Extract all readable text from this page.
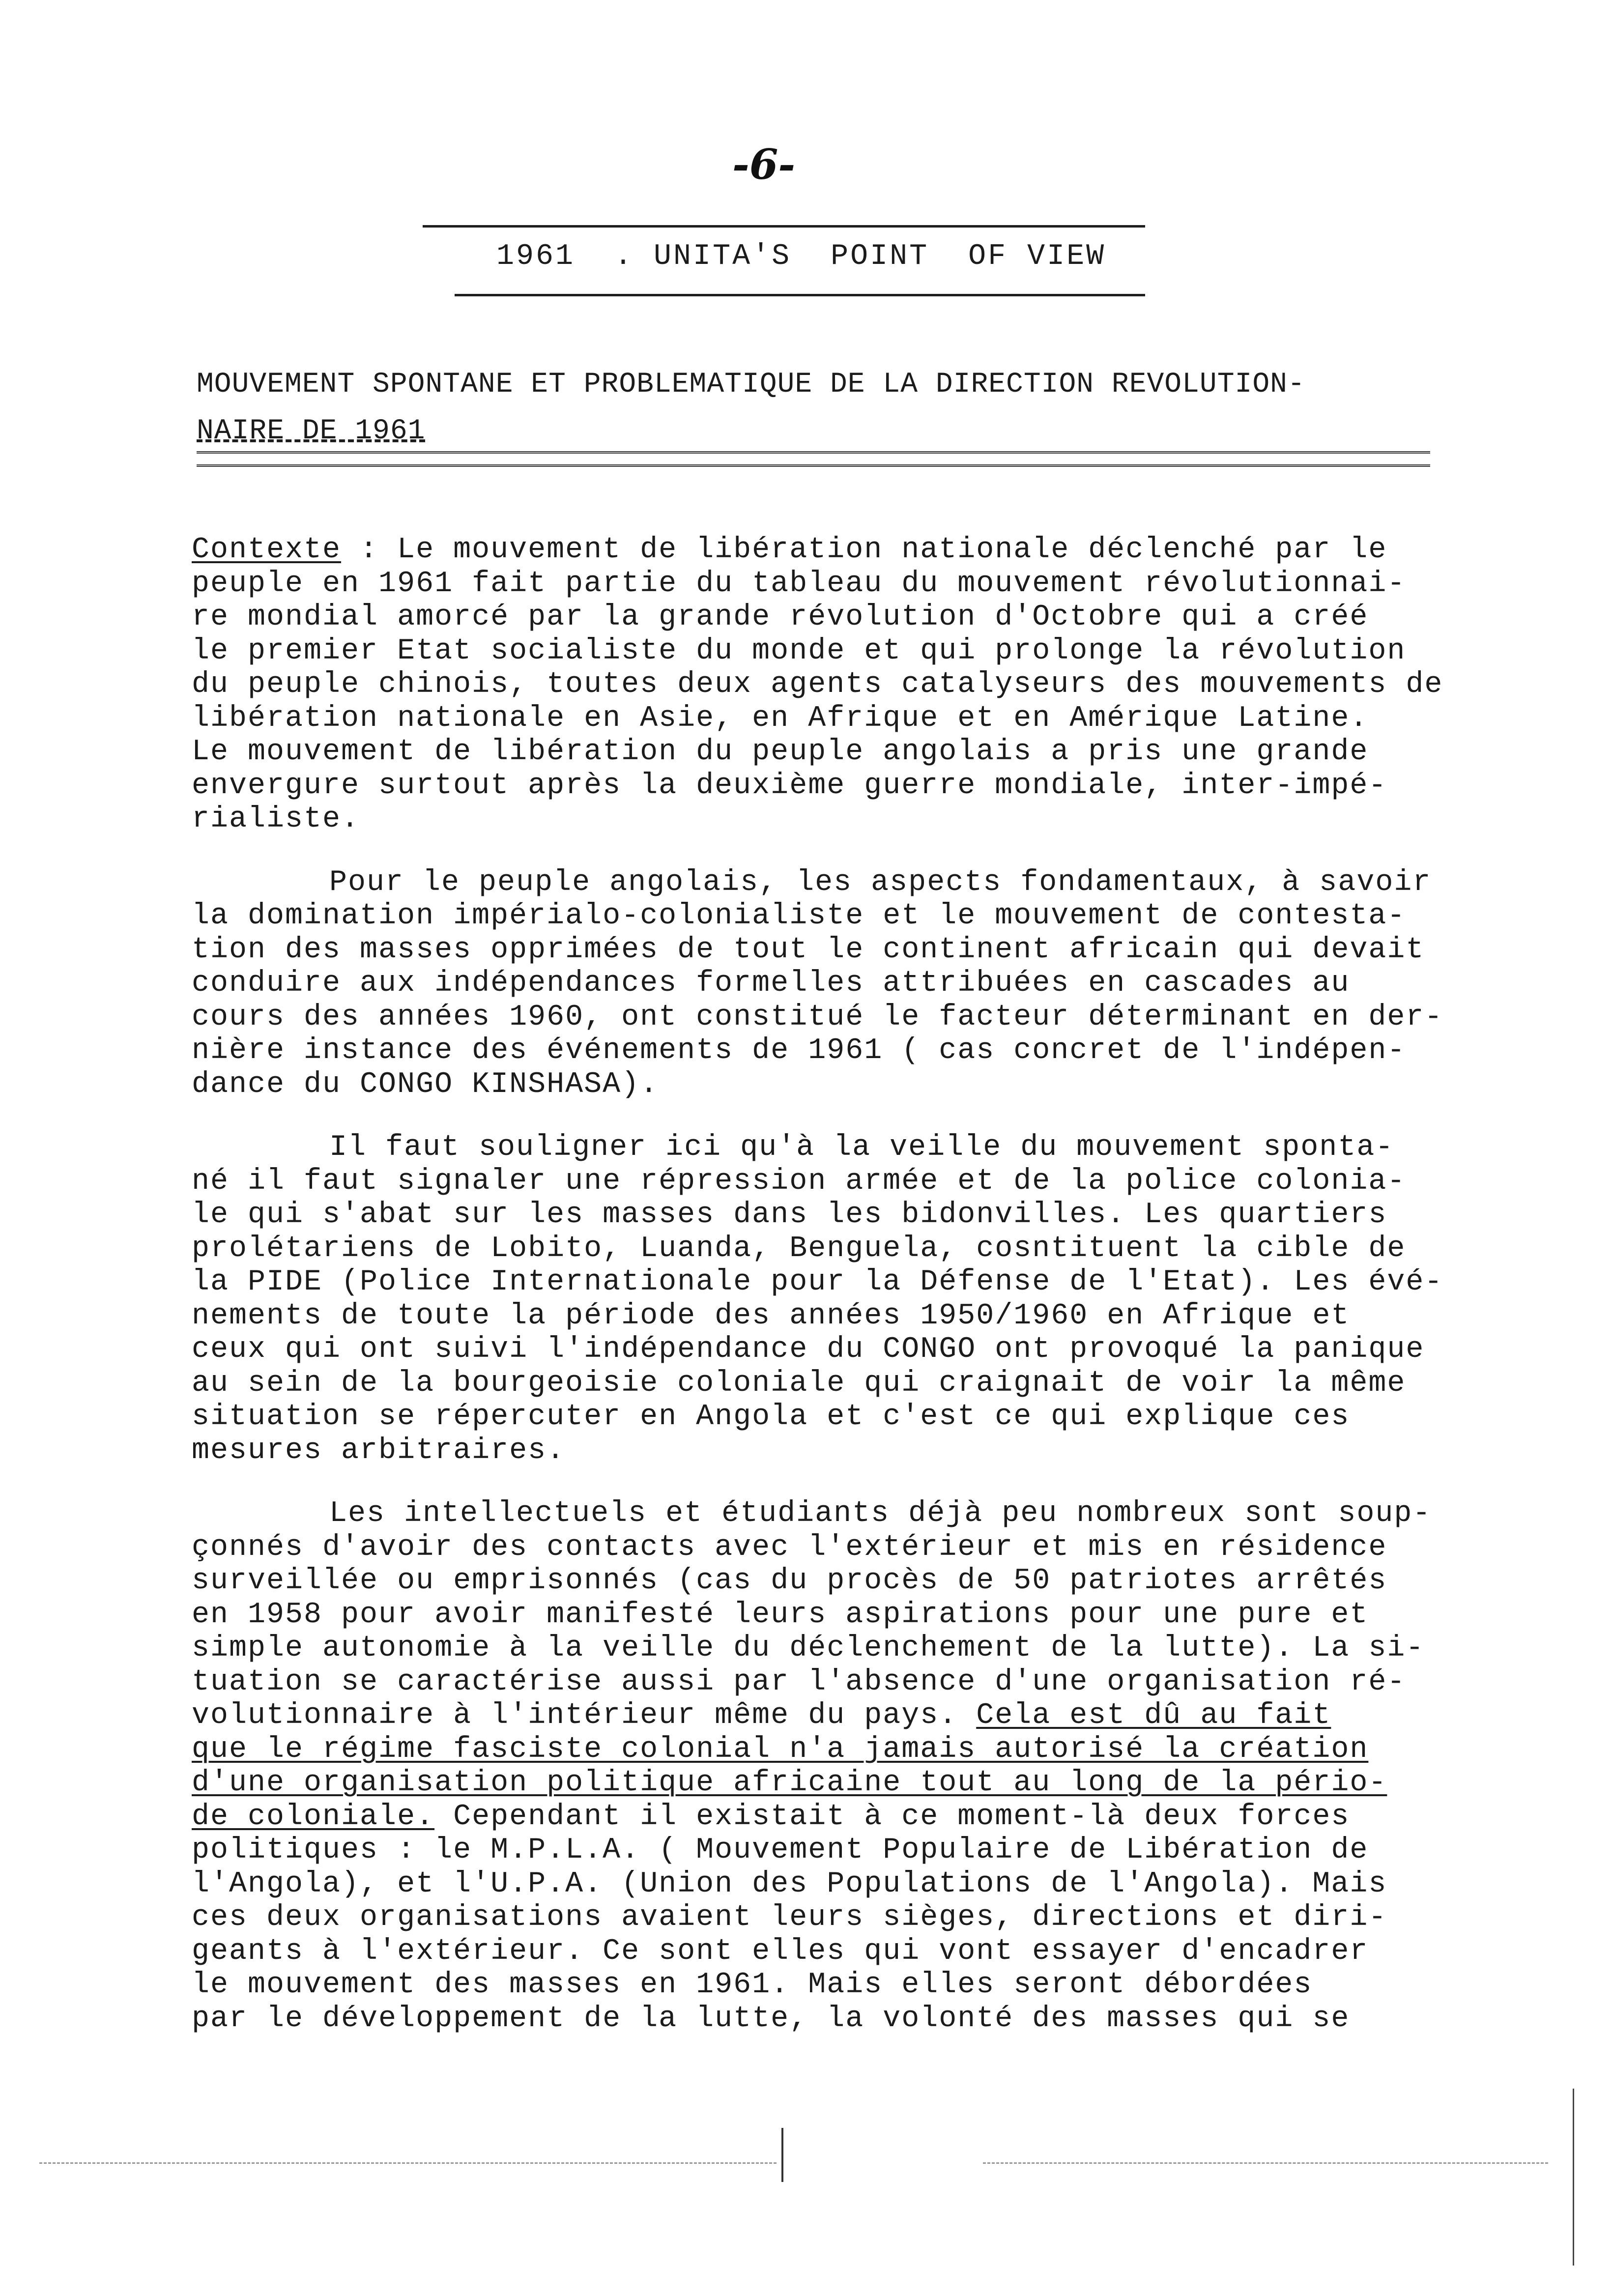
-6-
1961  . UNITA'S  POINT  OF VIEW
MOUVEMENT SPONTANE ET PROBLEMATIQUE DE LA DIRECTION REVOLUTION-
NAIRE DE 1961

Contexte : Le mouvement de libération nationale déclenché par le
peuple en 1961 fait partie du tableau du mouvement révolutionnai-
re mondial amorcé par la grande révolution d'Octobre qui a créé
le premier Etat socialiste du monde et qui prolonge la révolution
du peuple chinois, toutes deux agents catalyseurs des mouvements de
libération nationale en Asie, en Afrique et en Amérique Latine.
Le mouvement de libération du peuple angolais a pris une grande
envergure surtout après la deuxième guerre mondiale, inter-impé-
rialiste.

Pour le peuple angolais, les aspects fondamentaux, à savoir
la domination impérialo-colonialiste et le mouvement de contesta-
tion des masses opprimées de tout le continent africain qui devait
conduire aux indépendances formelles attribuées en cascades au
cours des années 1960, ont constitué le facteur déterminant en der-
nière instance des événements de 1961 ( cas concret de l'indépen-
dance du CONGO KINSHASA).

Il faut souligner ici qu'à la veille du mouvement sponta-
né il faut signaler une répression armée et de la police colonia-
le qui s'abat sur les masses dans les bidonvilles. Les quartiers
prolétariens de Lobito, Luanda, Benguela, cosntituent la cible de
la PIDE (Police Internationale pour la Défense de l'Etat). Les évé-
nements de toute la période des années 1950/1960 en Afrique et
ceux qui ont suivi l'indépendance du CONGO ont provoqué la panique
au sein de la bourgeoisie coloniale qui craignait de voir la même
situation se répercuter en Angola et c'est ce qui explique ces
mesures arbitraires.

Les intellectuels et étudiants déjà peu nombreux sont soup-
çonnés d'avoir des contacts avec l'extérieur et mis en résidence
surveillée ou emprisonnés (cas du procès de 50 patriotes arrêtés
en 1958 pour avoir manifesté leurs aspirations pour une pure et
simple autonomie à la veille du déclenchement de la lutte). La si-
tuation se caractérise aussi par l'absence d'une organisation ré-
volutionnaire à l'intérieur même du pays. Cela est dû au fait
que le régime fasciste colonial n'a jamais autorisé la création
d'une organisation politique africaine tout au long de la pério-
de coloniale. Cependant il existait à ce moment-là deux forces
politiques : le M.P.L.A. ( Mouvement Populaire de Libération de
l'Angola), et l'U.P.A. (Union des Populations de l'Angola). Mais
ces deux organisations avaient leurs sièges, directions et diri-
geants à l'extérieur. Ce sont elles qui vont essayer d'encadrer
le mouvement des masses en 1961. Mais elles seront débordées
par le développement de la lutte, la volonté des masses qui se
